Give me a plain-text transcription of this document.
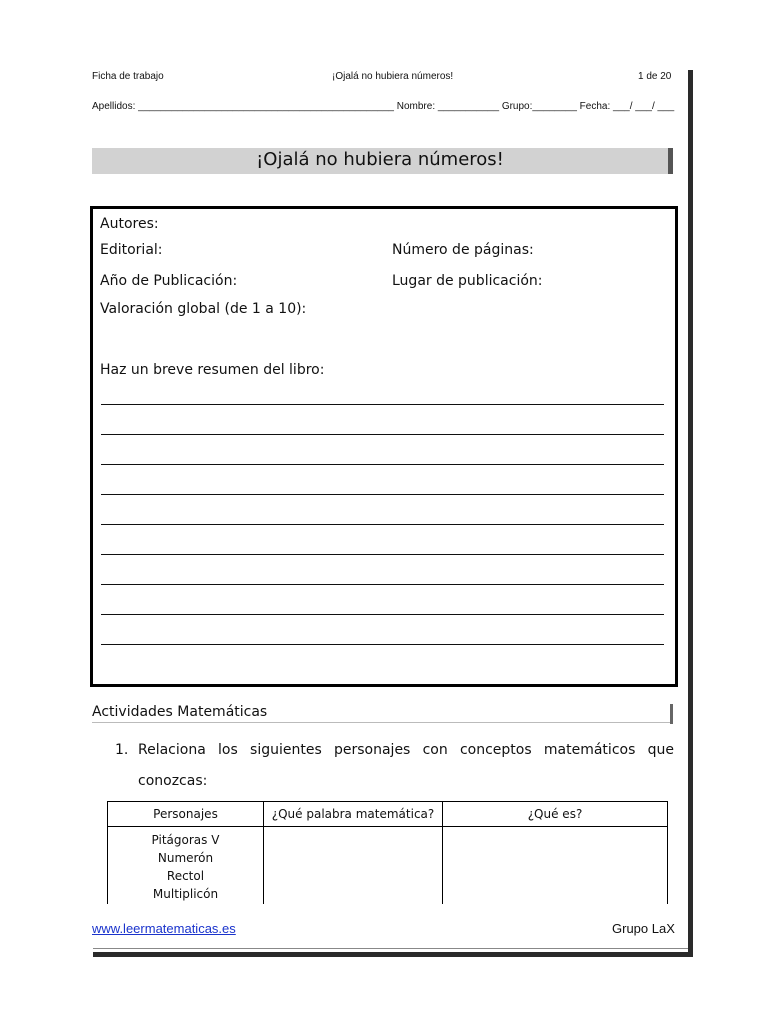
Ficha de trabajo	¡Ojalá no hubiera números!	1 de 20
Apellidos: ______________________________________________ Nombre: ___________ Grupo:________ Fecha: ___/ ___/ ___
¡Ojalá no hubiera números!
Autores:
Editorial:	Número de páginas:
Año de Publicación:	Lugar de publicación:
Valoración global (de 1 a 10):
Haz un breve resumen del libro:
Actividades Matemáticas
1. Relaciona los siguientes personajes con conceptos matemáticos que
conozcas:
Personajes	¿Qué palabra matemática?	¿Qué es?

Pitágoras V
Numerón
Rectol
Multiplicón		

www.leermatematicas.es	Grupo LaX
